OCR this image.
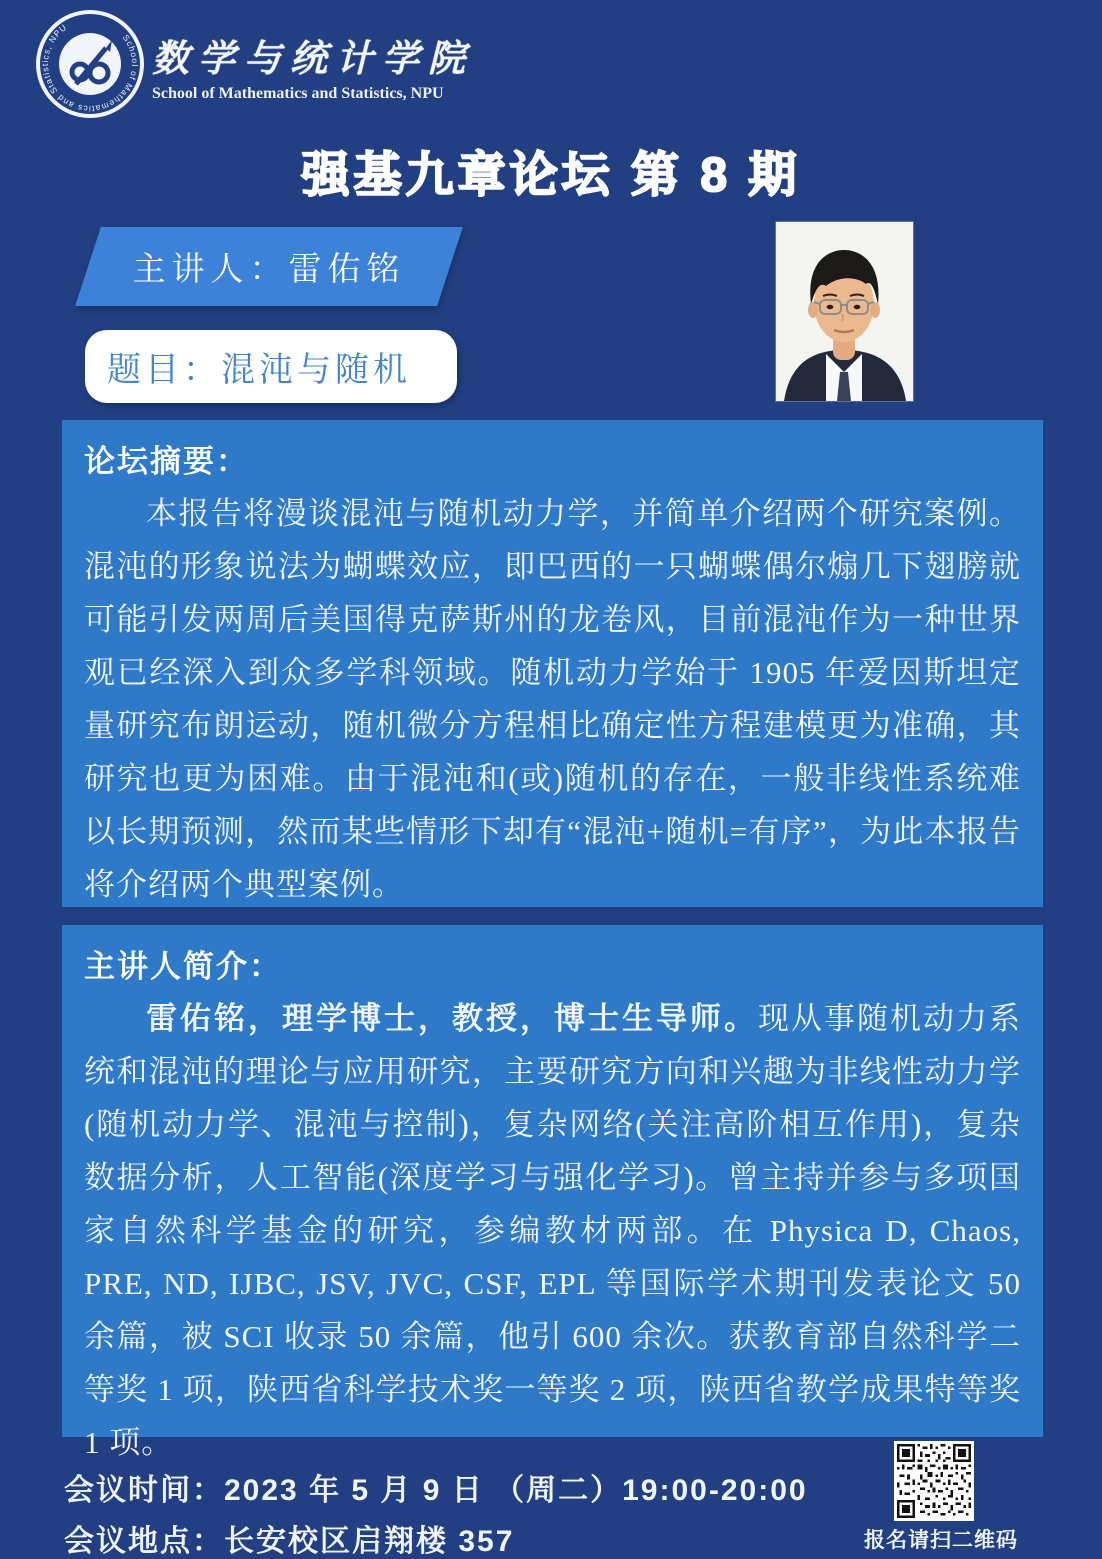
School of Mathematics and Statistics, NPU
数学与统计学院
School of Mathematics and Statistics, NPU
强基九章论坛 第 8 期
主讲人：雷佑铭
题目：混沌与随机
论坛摘要：

本报告将漫谈混沌与随机动力学，并简单介绍两个研究案例。混沌的形象说法为蝴蝶效应，即巴西的一只蝴蝶偶尔煽几下翅膀就可能引发两周后美国得克萨斯州的龙卷风，目前混沌作为一种世界观已经深入到众多学科领域。随机动力学始于 1905 年爱因斯坦定量研究布朗运动，随机微分方程相比确定性方程建模更为准确，其研究也更为困难。由于混沌和(或)随机的存在，一般非线性系统难以长期预测，然而某些情形下却有“混沌+随机=有序”，为此本报告将介绍两个典型案例。

主讲人简介：

雷佑铭，理学博士，教授，博士生导师。现从事随机动力系统和混沌的理论与应用研究，主要研究方向和兴趣为非线性动力学(随机动力学、混沌与控制)，复杂网络(关注高阶相互作用)，复杂数据分析，人工智能(深度学习与强化学习)。曾主持并参与多项国家自然科学基金的研究，参编教材两部。在 Physica D, Chaos, PRE, ND, IJBC, JSV, JVC, CSF, EPL 等国际学术期刊发表论文 50 余篇，被 SCI 收录 50 余篇，他引 600 余次。获教育部自然科学二等奖 1 项，陕西省科学技术奖一等奖 2 项，陕西省教学成果特等奖 1 项。

会议时间：2023 年 5 月 9 日 （周二）19:00-20:00
会议地点：长安校区启翔楼 357	报名请扫二维码
